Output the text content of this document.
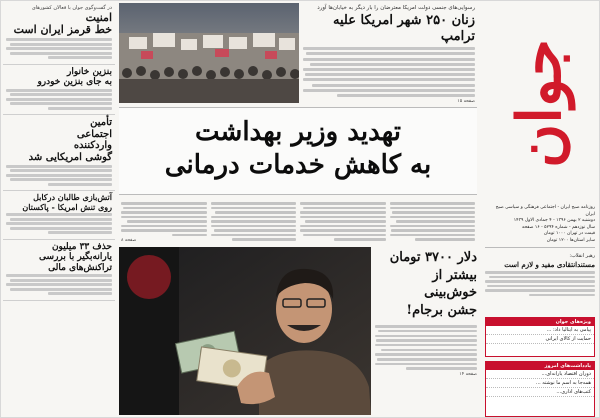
در گفت‌وگوی جوان با فعالان کشورهای
امنیت
خط قرمز ایران است
بنزین خانوار
به جای بنزین خودرو
تأمین
اجتماعی
واردکننده
گوشی امریکایی شد
آتش‌بازی طالبان درکابل
روی تنش امریکا - پاکستان
حذف ۳۳ میلیون
یارانه‌بگیر با بررسی
تراکنش‌های مالی
رسوایی‌های جنسی دولت امریکا معترضان را بار دیگر به خیابان‌ها آورد
زنان ۲۵۰ شهر امریکا علیه ترامپ
صفحه ۱۵
تهدید وزیر بهداشت
به کاهش خدمات درمانی
صفحه ۸
دلار ۳۷۰۰ تومان
بیشتر از
خوش‌بینی
جشن برجام!
صفحه ۱۴
جوان
روزنامه صبح ایران - اجتماعی فرهنگی و سیاسی صبح ایران
دوشنبه ۲ بهمن ۱۳۹۶ - ۴ جمادی الاول ۱۴۳۹
سال نوزدهم - شماره ۵۲۹۴ - ۱۶ صفحه
قیمت در تهران ۱۰۰۰ تومان
سایر استان‌ها ۱۲۰۰ تومان
رهبر انقلاب:
مستند‌انتقادی مفید و لازم است
ویژه‌های جوان
پیامی به ایتالیا داد: ...
حمایت از کالای ایرانی
یادداشت‌های امروز
دوران اقتصاد یارانه‌ای...
همه‌جا به اسم ما نوشته ...
کتب‌های اداری...
